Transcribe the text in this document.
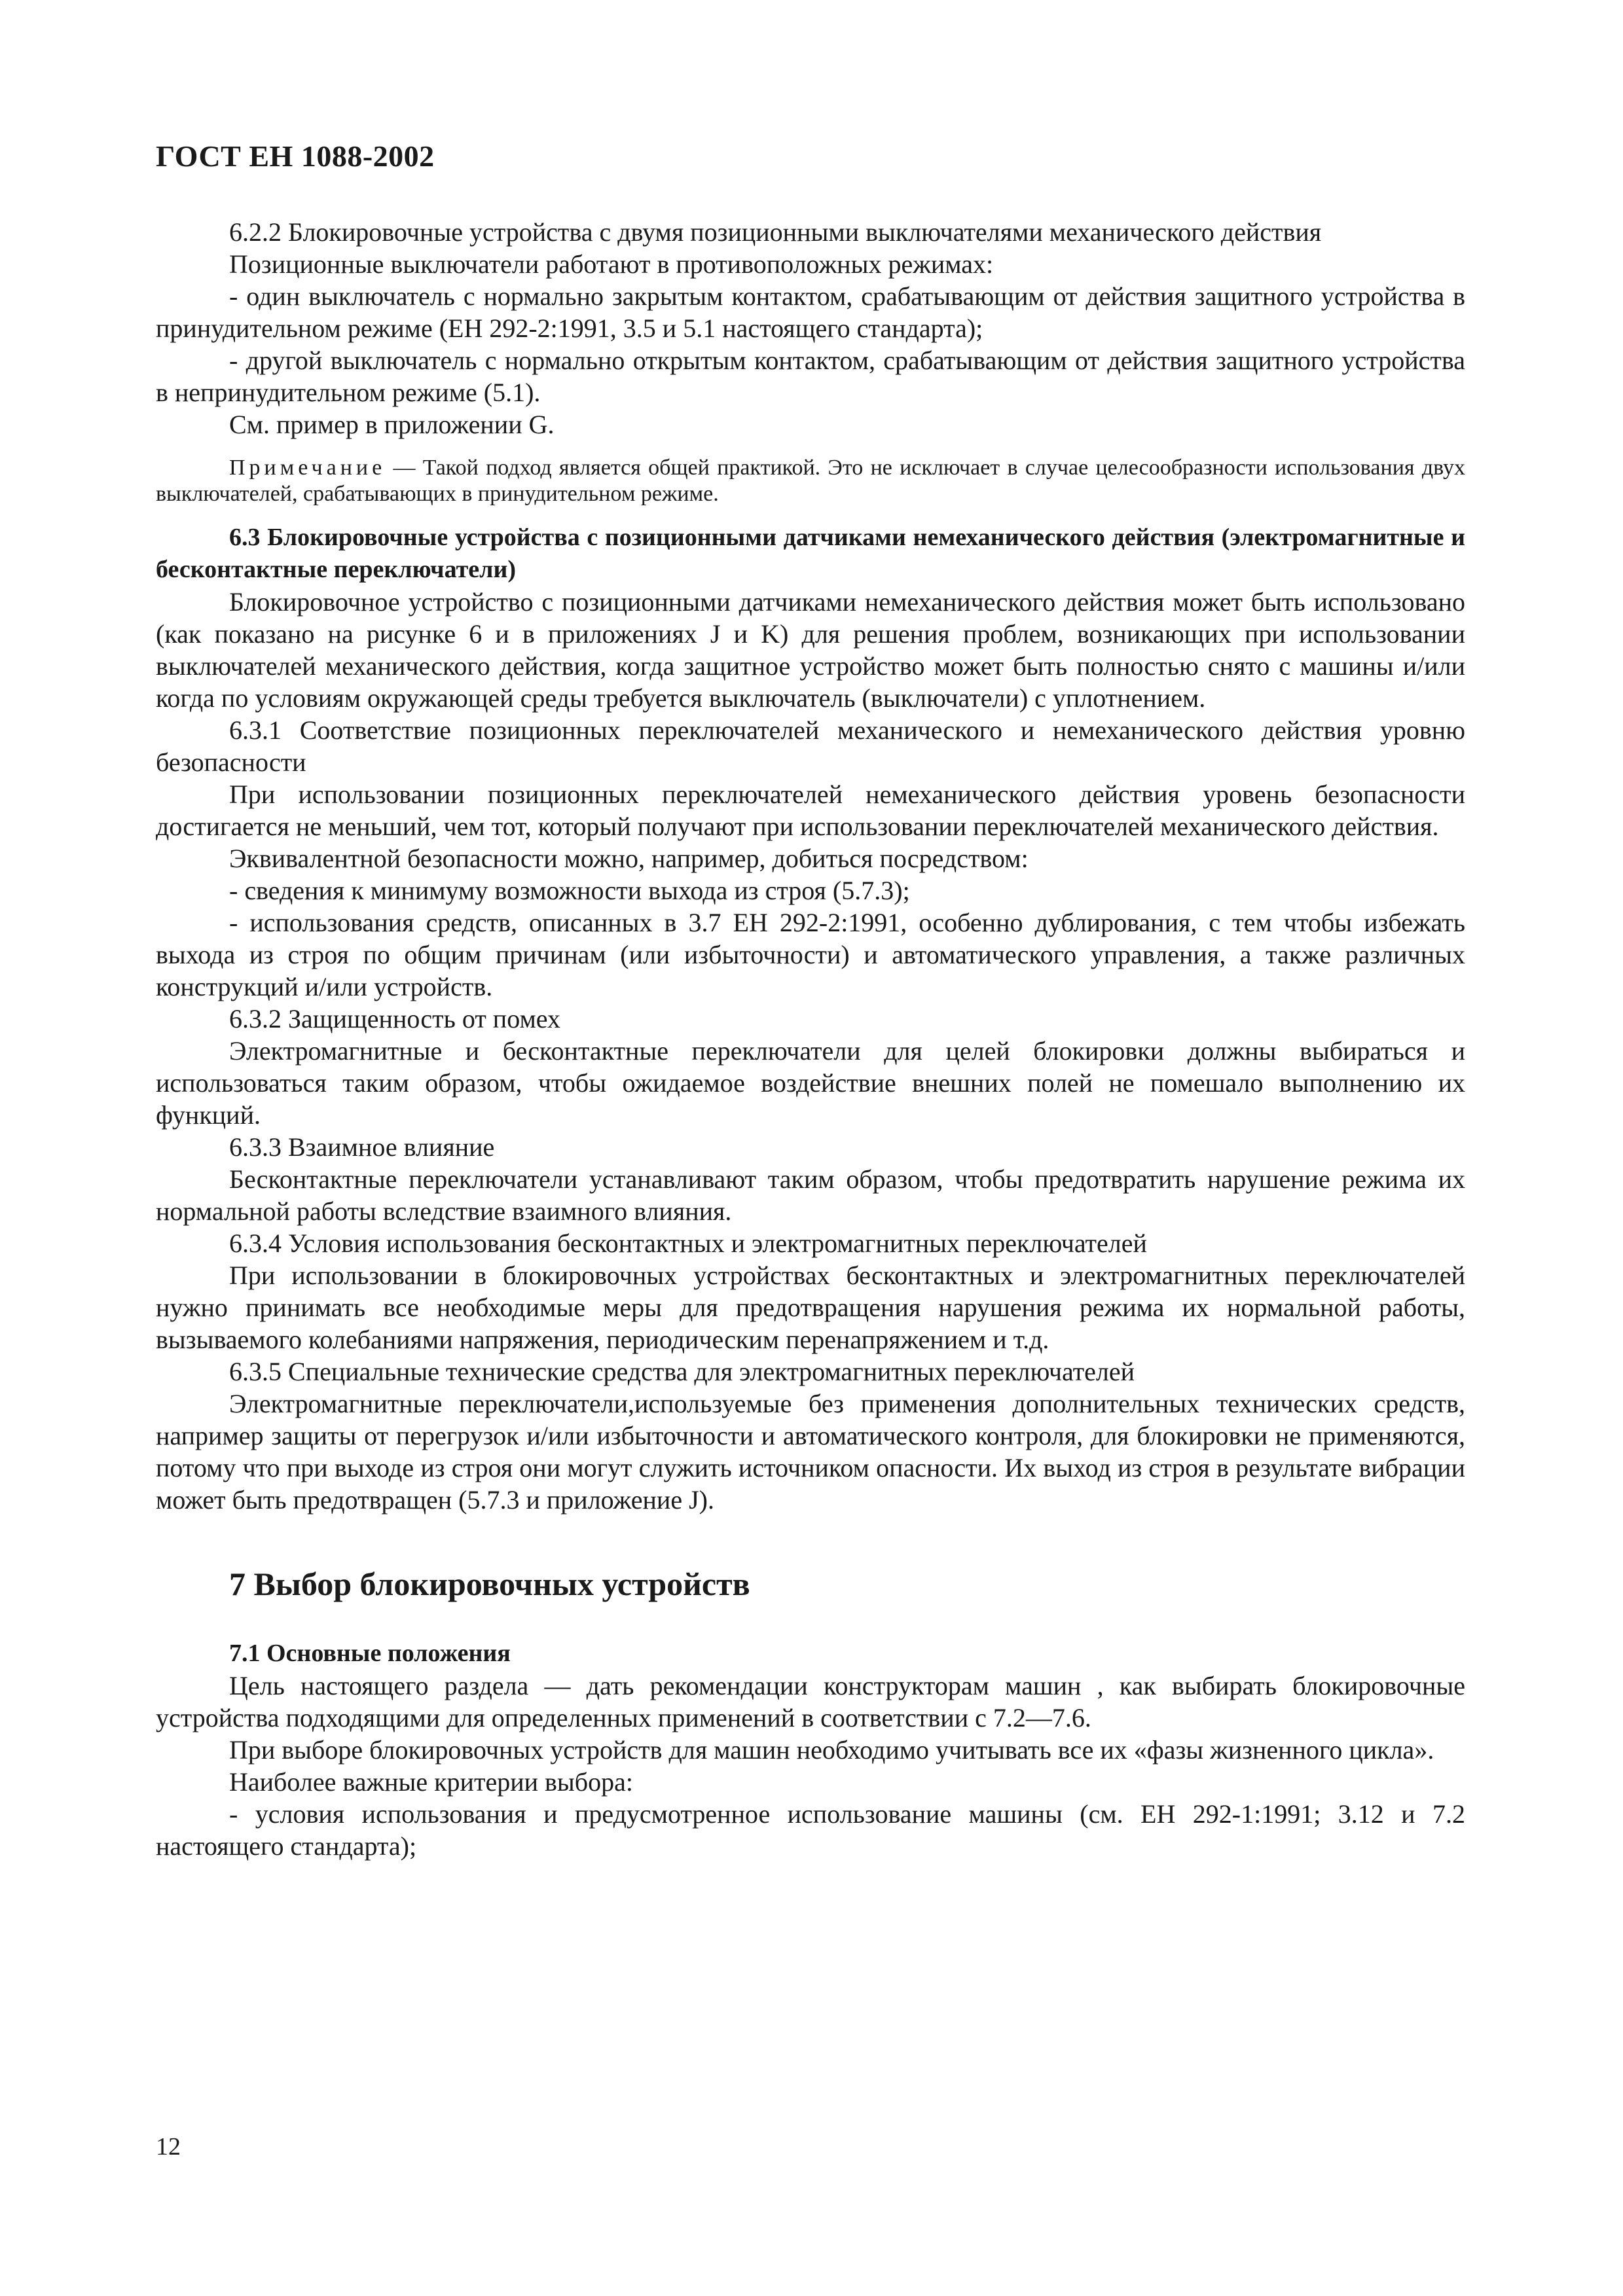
ГОСТ ЕН 1088-2002

6.2.2 Блокировочные устройства с двумя позиционными выключателями механического действия

Позиционные выключатели работают в противоположных режимах:

- один выключатель с нормально закрытым контактом, срабатывающим от действия защитного устройства в принудительном режиме (ЕН 292-2:1991, 3.5 и 5.1 настоящего стандарта);

- другой выключатель с нормально открытым контактом, срабатывающим от действия защитного устройства в непринудительном режиме (5.1).

См. пример в приложении G.

Примечание — Такой подход является общей практикой. Это не исключает в случае целесообразности использования двух выключателей, срабатывающих в принудительном режиме.

6.3 Блокировочные устройства с позиционными датчиками немеханического действия (электромагнитные и бесконтактные переключатели)

Блокировочное устройство с позиционными датчиками немеханического действия может быть использовано (как показано на рисунке 6 и в приложениях J и K) для решения проблем, возникающих при использовании выключателей механического действия, когда защитное устройство может быть полностью снято с машины и/или когда по условиям окружающей среды требуется выключатель (выключатели) с уплотнением.

6.3.1 Соответствие позиционных переключателей механического и немеханического действия уровню безопасности

При использовании позиционных переключателей немеханического действия уровень безопасности достигается не меньший, чем тот, который получают при использовании переключателей механического действия.

Эквивалентной безопасности можно, например, добиться посредством:

- сведения к минимуму возможности выхода из строя (5.7.3);

- использования средств, описанных в 3.7 ЕН 292-2:1991, особенно дублирования, с тем чтобы избежать выхода из строя по общим причинам (или избыточности) и автоматического управления, а также различных конструкций и/или устройств.

6.3.2 Защищенность от помех

Электромагнитные и бесконтактные переключатели для целей блокировки должны выбираться и использоваться таким образом, чтобы ожидаемое воздействие внешних полей не помешало выполнению их функций.

6.3.3 Взаимное влияние

Бесконтактные переключатели устанавливают таким образом, чтобы предотвратить нарушение режима их нормальной работы вследствие взаимного влияния.

6.3.4 Условия использования бесконтактных и электромагнитных переключателей

При использовании в блокировочных устройствах бесконтактных и электромагнитных переключателей нужно принимать все необходимые меры для предотвращения нарушения режима их нормальной работы, вызываемого колебаниями напряжения, периодическим перенапряжением и т.д.

6.3.5 Специальные технические средства для электромагнитных переключателей

Электромагнитные переключатели,используемые без применения дополнительных технических средств, например защиты от перегрузок и/или избыточности и автоматического контроля, для блокировки не применяются, потому что при выходе из строя они могут служить источником опасности. Их выход из строя в результате вибрации может быть предотвращен (5.7.3 и приложение J).

7 Выбор блокировочных устройств

7.1 Основные положения

Цель настоящего раздела — дать рекомендации конструкторам машин , как выбирать блокировочные устройства подходящими для определенных применений в соответствии с 7.2—7.6.

При выборе блокировочных устройств для машин необходимо учитывать все их «фазы жизненного цикла».

Наиболее важные критерии выбора:

- условия использования и предусмотренное использование машины (см. ЕН 292-1:1991; 3.12 и 7.2 настоящего стандарта);

12
